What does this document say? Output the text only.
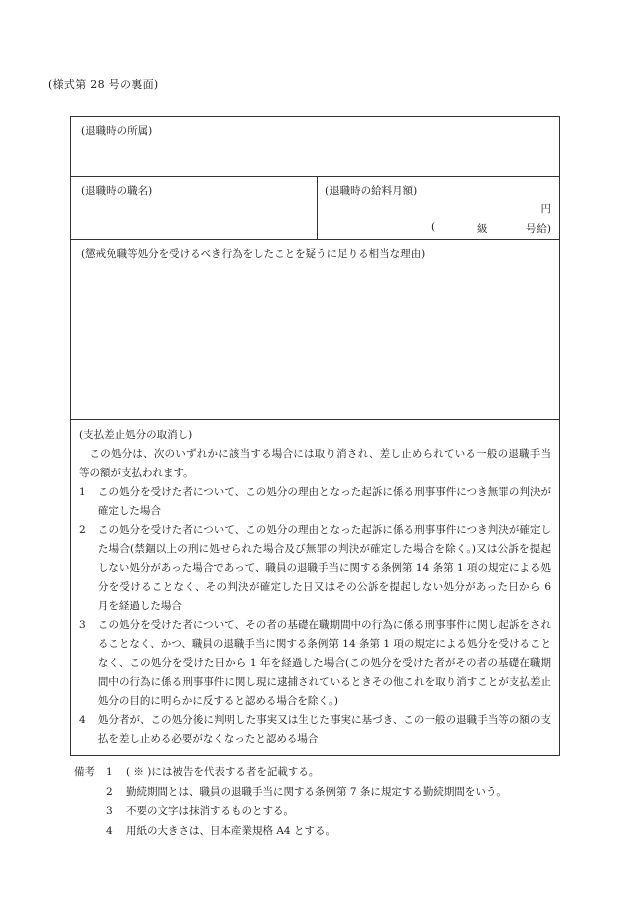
(様式第 28 号の裏面)
(退職時の所属)
(退職時の職名)	(退職時の給料月額)
円
(	級	号給)
(懲戒免職等処分を受けるべき行為をしたことを疑うに足りる相当な理由)
(支払差止処分の取消し)

この処分は、次のいずれかに該当する場合には取り消され、差し止められている一般の退職手当等の額が支払われます。

1 この処分を受けた者について、この処分の理由となった起訴に係る刑事事件につき無罪の判決が確定した場合

2 この処分を受けた者について、この処分の理由となった起訴に係る刑事事件につき判決が確定した場合(禁錮以上の刑に処せられた場合及び無罪の判決が確定した場合を除く。)又は公訴を提起しない処分があった場合であって、職員の退職手当に関する条例第 14 条第 1 項の規定による処分を受けることなく、その判決が確定した日又はその公訴を提起しない処分があった日から 6 月を経過した場合

3 この処分を受けた者について、その者の基礎在職期間中の行為に係る刑事事件に関し起訴をされることなく、かつ、職員の退職手当に関する条例第 14 条第 1 項の規定による処分を受けることなく、この処分を受けた日から 1 年を経過した場合(この処分を受けた者がその者の基礎在職期間中の行為に係る刑事事件に関し現に逮捕されているときその他これを取り消すことが支払差止処分の目的に明らかに反すると認める場合を除く。)

4 処分者が、この処分後に判明した事実又は生じた事実に基づき、この一般の退職手当等の額の支払を差し止める必要がなくなったと認める場合

備考 1 ( ※ )には被告を代表する者を記載する。
2 勤続期間とは、職員の退職手当に関する条例第 7 条に規定する勤続期間をいう。
3 不要の文字は抹消するものとする。
4 用紙の大きさは、日本産業規格 A4 とする。
